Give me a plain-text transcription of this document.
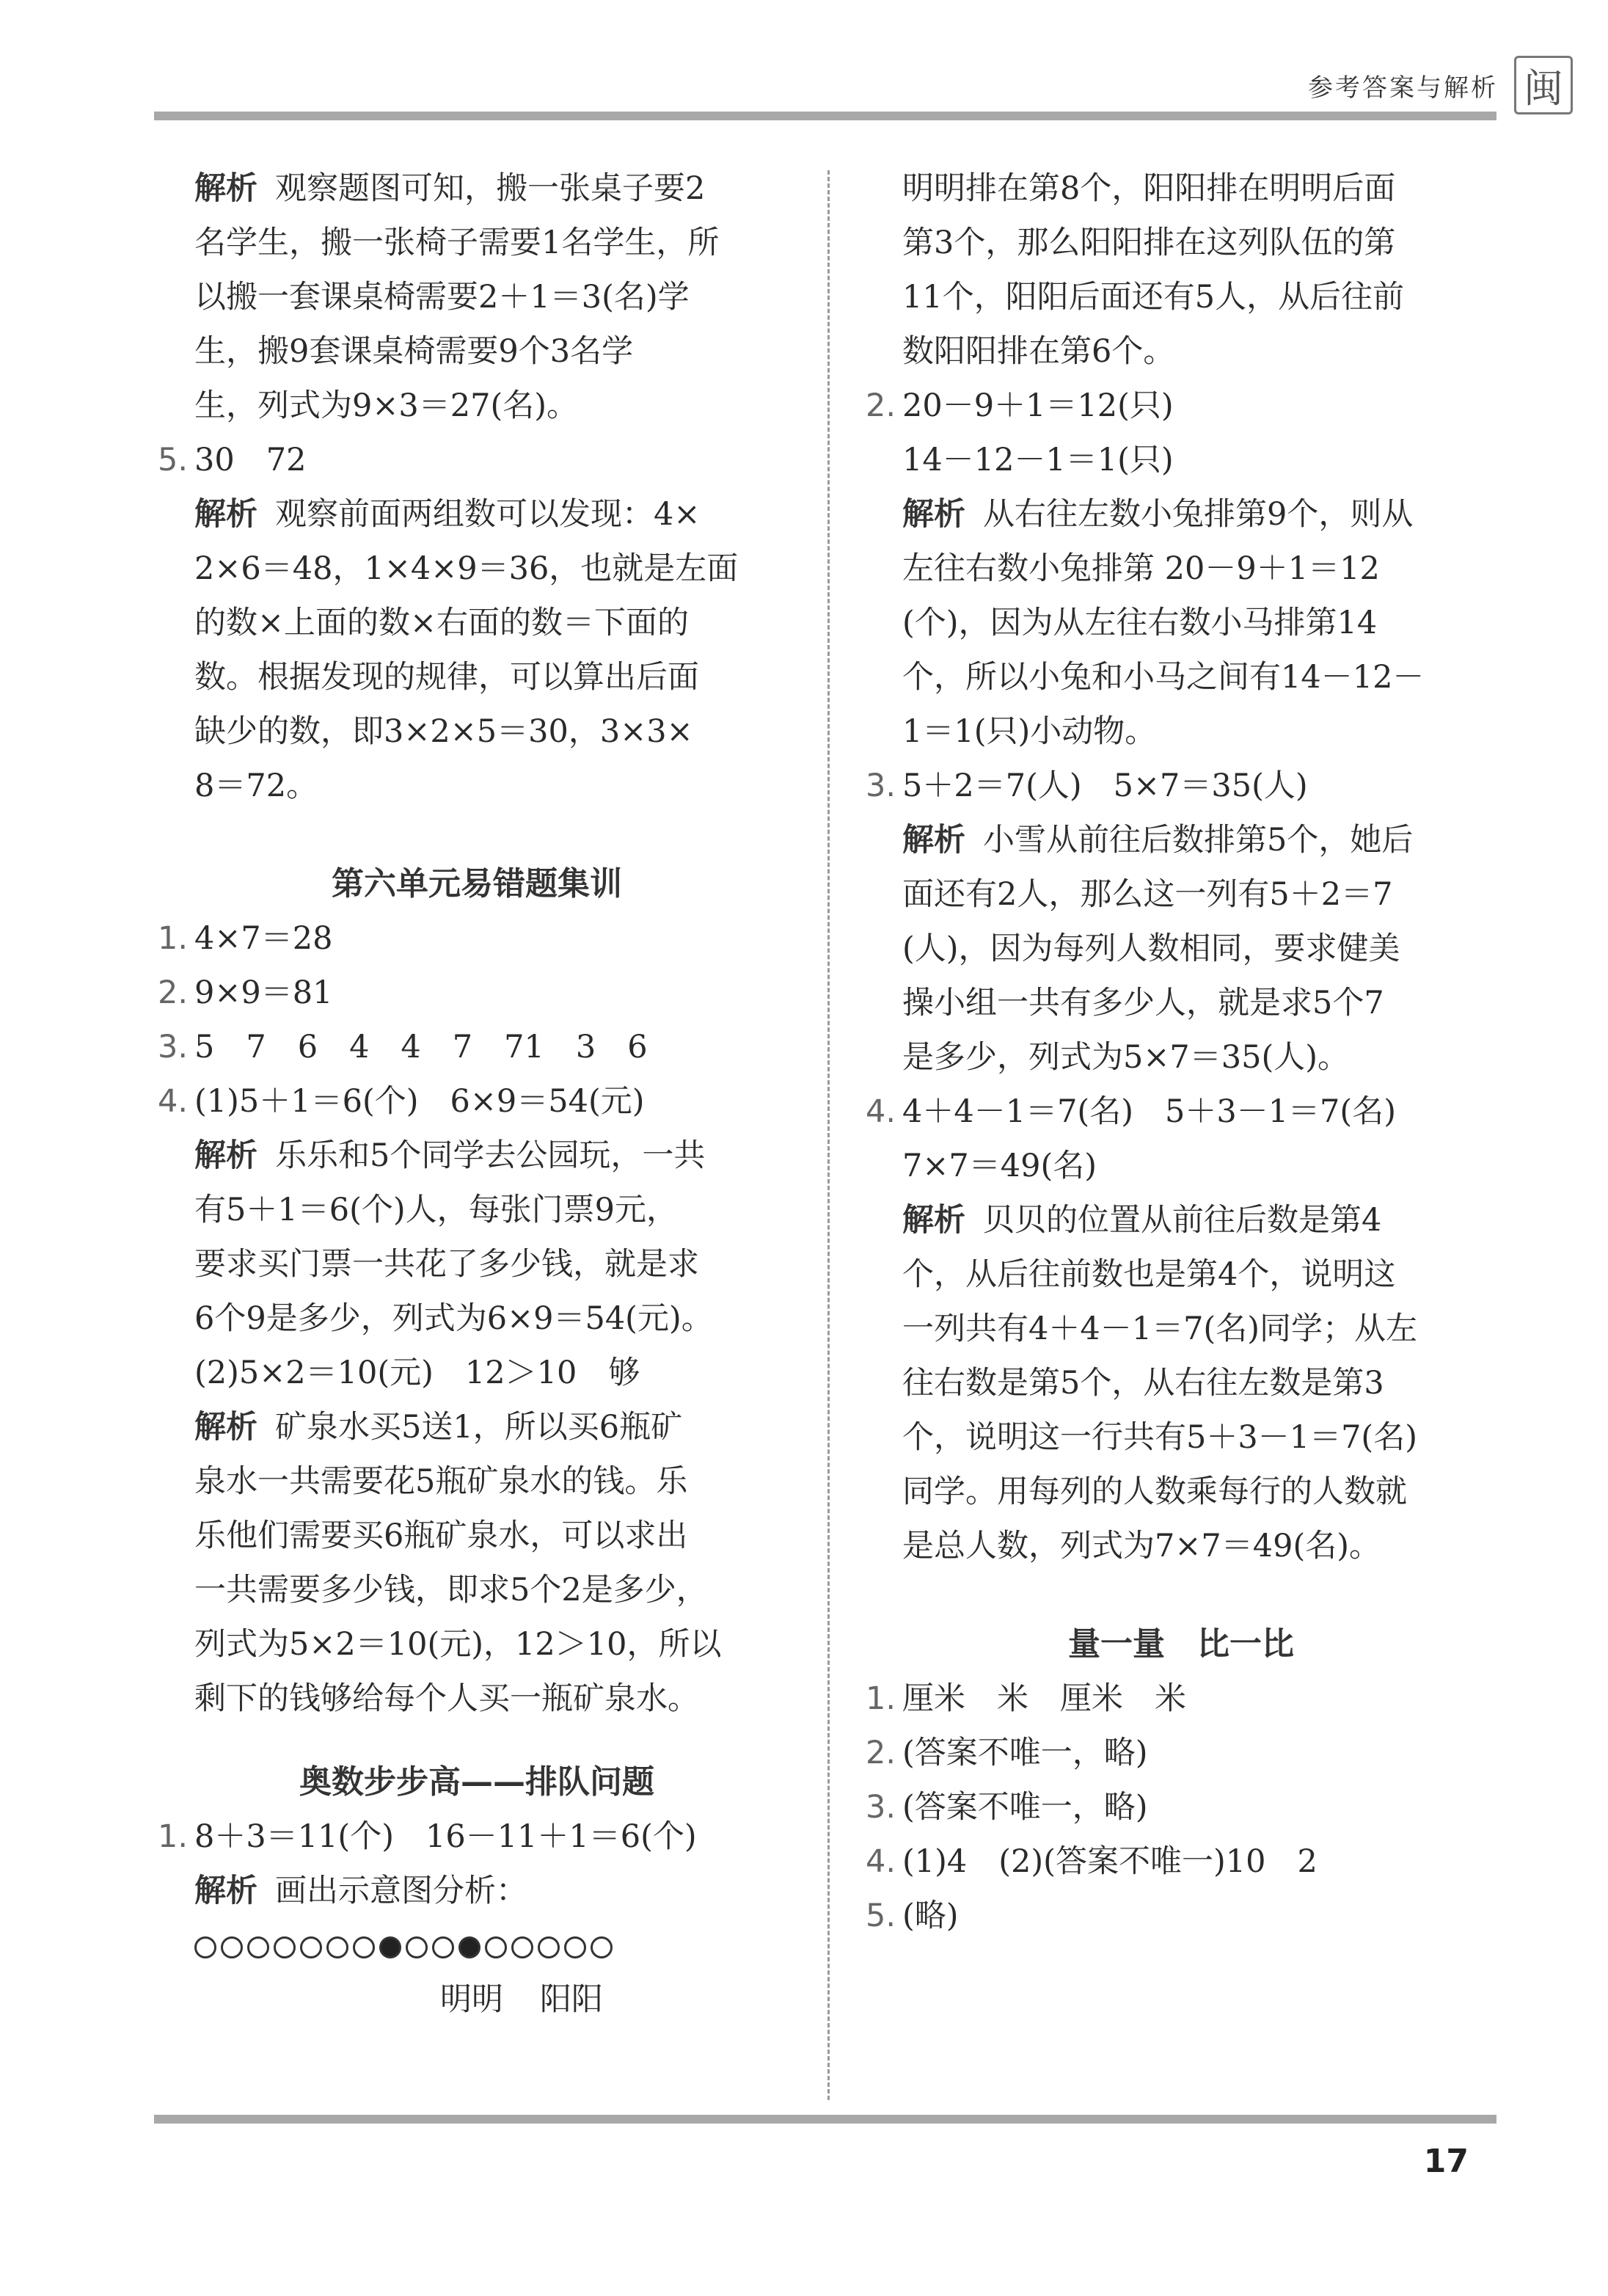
参考答案与解析 闽
解析 观察题图可知，搬一张桌子要2
名学生，搬一张椅子需要1名学生，所
以搬一套课桌椅需要2＋1＝3(名)学
生，搬9套课桌椅需要9个3名学
生，列式为9×3＝27(名)。
5. 30　72
解析 观察前面两组数可以发现：4×
2×6＝48，1×4×9＝36，也就是左面
的数×上面的数×右面的数＝下面的
数。根据发现的规律，可以算出后面
缺少的数，即3×2×5＝30，3×3×
8＝72。
第六单元易错题集训
1. 4×7＝28
2. 9×9＝81
3. 5　7　6　4　4　7　71　3　6
4. (1)5＋1＝6(个)　6×9＝54(元)
解析 乐乐和5个同学去公园玩，一共
有5＋1＝6(个)人，每张门票9元，
要求买门票一共花了多少钱，就是求
6个9是多少，列式为6×9＝54(元)。
(2)5×2＝10(元)　12＞10　够
解析 矿泉水买5送1，所以买6瓶矿
泉水一共需要花5瓶矿泉水的钱。乐
乐他们需要买6瓶矿泉水，可以求出
一共需要多少钱，即求5个2是多少，
列式为5×2＝10(元)，12＞10，所以
剩下的钱够给每个人买一瓶矿泉水。
奥数步步高——排队问题
1. 8＋3＝11(个)　16－11＋1＝6(个)
解析 画出示意图分析：
明明 阳阳
明明排在第8个，阳阳排在明明后面
第3个，那么阳阳排在这列队伍的第
11个，阳阳后面还有5人，从后往前
数阳阳排在第6个。
2. 20－9＋1＝12(只)
14－12－1＝1(只)
解析 从右往左数小兔排第9个，则从
左往右数小兔排第 20－9＋1＝12
(个)，因为从左往右数小马排第14
个，所以小兔和小马之间有14－12－
1＝1(只)小动物。
3. 5＋2＝7(人)　5×7＝35(人)
解析 小雪从前往后数排第5个，她后
面还有2人，那么这一列有5＋2＝7
(人)，因为每列人数相同，要求健美
操小组一共有多少人，就是求5个7
是多少，列式为5×7＝35(人)。
4. 4＋4－1＝7(名)　5＋3－1＝7(名)
7×7＝49(名)
解析 贝贝的位置从前往后数是第4
个，从后往前数也是第4个，说明这
一列共有4＋4－1＝7(名)同学；从左
往右数是第5个，从右往左数是第3
个，说明这一行共有5＋3－1＝7(名)
同学。用每列的人数乘每行的人数就
是总人数，列式为7×7＝49(名)。
量一量　比一比
1. 厘米　米　厘米　米
2. (答案不唯一，略)
3. (答案不唯一，略)
4. (1)4　(2)(答案不唯一)10　2
5. (略)
17
